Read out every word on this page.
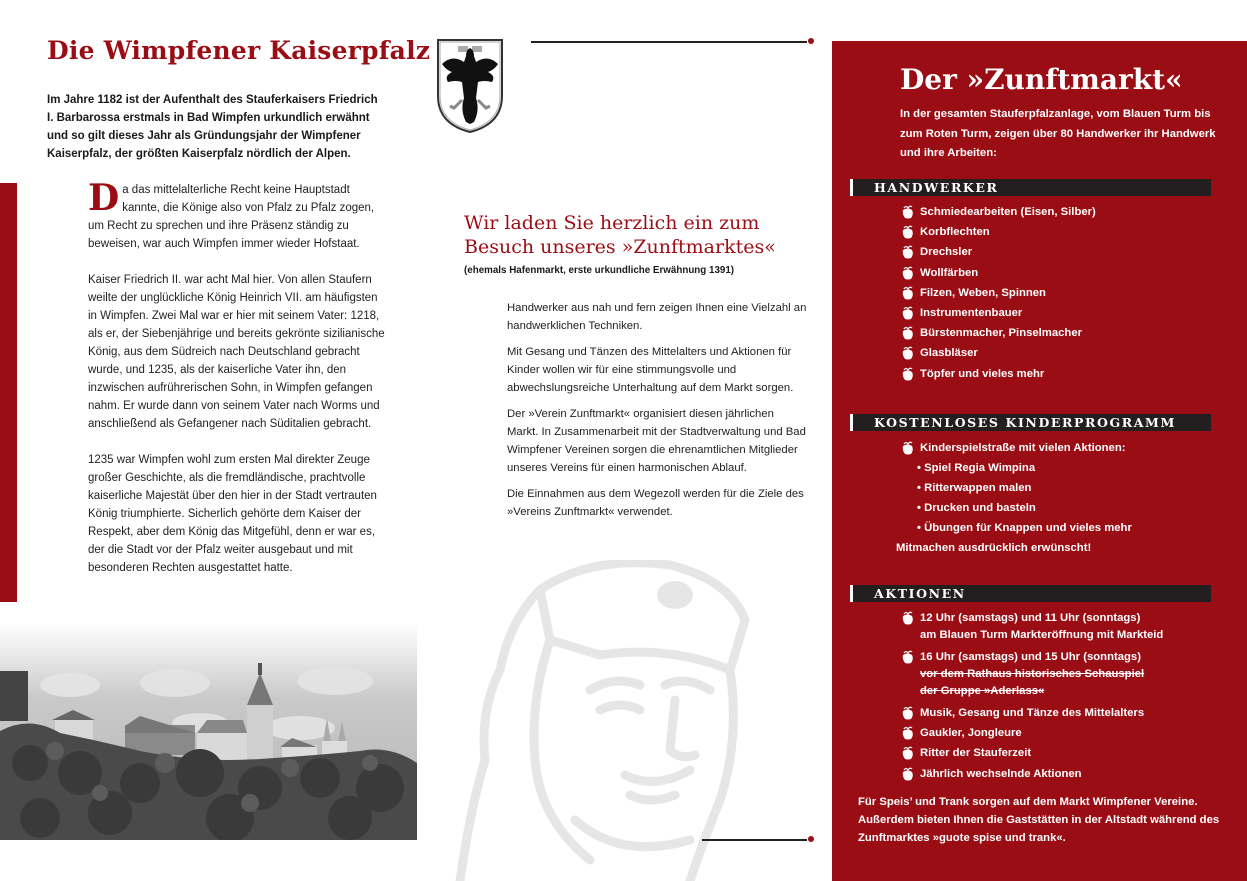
Die Wimpfener Kaiserpfalz
Im Jahre 1182 ist der Aufenthalt des Stauferkaisers Friedrich I. Barbarossa erstmals in Bad Wimpfen urkundlich erwähnt und so gilt dieses Jahr als Gründungsjahr der Wimpfener Kaiserpfalz, der größten Kaiserpfalz nördlich der Alpen.

Da das mittelalterliche Recht keine Hauptstadt kannte, die Könige also von Pfalz zu Pfalz zogen, um Recht zu sprechen und ihre Präsenz ständig zu beweisen, war auch Wimpfen immer wieder Hofstaat.

Kaiser Friedrich II. war acht Mal hier. Von allen Staufern weilte der unglückliche König Heinrich VII. am häufigsten in Wimpfen. Zwei Mal war er hier mit seinem Vater: 1218, als er, der Siebenjährige und bereits gekrönte sizilianische König, aus dem Südreich nach Deutschland gebracht wurde, und 1235, als der kaiserliche Vater ihn, den inzwischen aufrührerischen Sohn, in Wimpfen gefangen nahm. Er wurde dann von seinem Vater nach Worms und anschließend als Gefangener nach Süditalien gebracht.

1235 war Wimpfen wohl zum ersten Mal direkter Zeuge großer Geschichte, als die fremdländische, prachtvolle kaiserliche Majestät über den hier in der Stadt vertrauten König triumphierte. Sicherlich gehörte dem Kaiser der Respekt, aber dem König das Mitgefühl, denn er war es, der die Stadt vor der Pfalz weiter ausgebaut und mit besonderen Rechten ausgestattet hatte.

Wir laden Sie herzlich ein zum
Besuch unseres »Zunftmarktes«
(ehemals Hafenmarkt, erste urkundliche Erwähnung 1391)

Handwerker aus nah und fern zeigen Ihnen eine Vielzahl an handwerklichen Techniken.

Mit Gesang und Tänzen des Mittelalters und Aktionen für Kinder wollen wir für eine stimmungsvolle und abwechslungsreiche Unterhaltung auf dem Markt sorgen.

Der »Verein Zunftmarkt« organisiert diesen jährlichen Markt. In Zusammenarbeit mit der Stadtverwaltung und Bad Wimpfener Vereinen sorgen die ehrenamtlichen Mitglieder unseres Vereins für einen harmonischen Ablauf.

Die Einnahmen aus dem Wegezoll werden für die Ziele des »Vereins Zunftmarkt« verwendet.

Der »Zunftmarkt«
In der gesamten Stauferpfalzanlage, vom Blauen Turm bis zum Roten Turm, zeigen über 80 Handwerker ihr Handwerk und ihre Arbeiten:
HANDWERKER
Schmiedearbeiten (Eisen, Silber)
Korbflechten
Drechsler
Wollfärben
Filzen, Weben, Spinnen
Instrumentenbauer
Bürstenmacher, Pinselmacher
Glasbläser
Töpfer und vieles mehr
KOSTENLOSES KINDERPROGRAMM
Kinderspielstraße mit vielen Aktionen:
• Spiel Regia Wimpina
• Ritterwappen malen
• Drucken und basteln
• Übungen für Knappen und vieles mehr
Mitmachen ausdrücklich erwünscht!
AKTIONEN
12 Uhr (samstags) und 11 Uhr (sonntags)
am Blauen Turm Markteröffnung mit Markteid
16 Uhr (samstags) und 15 Uhr (sonntags)
vor dem Rathaus historisches Schauspiel
der Gruppe »Aderlass«
Musik, Gesang und Tänze des Mittelalters
Gaukler, Jongleure
Ritter der Stauferzeit
Jährlich wechselnde Aktionen
Für Speis’ und Trank sorgen auf dem Markt Wimpfener Vereine. Außerdem bieten Ihnen die Gaststätten in der Altstadt während des Zunftmarktes »guote spise und trank«.
